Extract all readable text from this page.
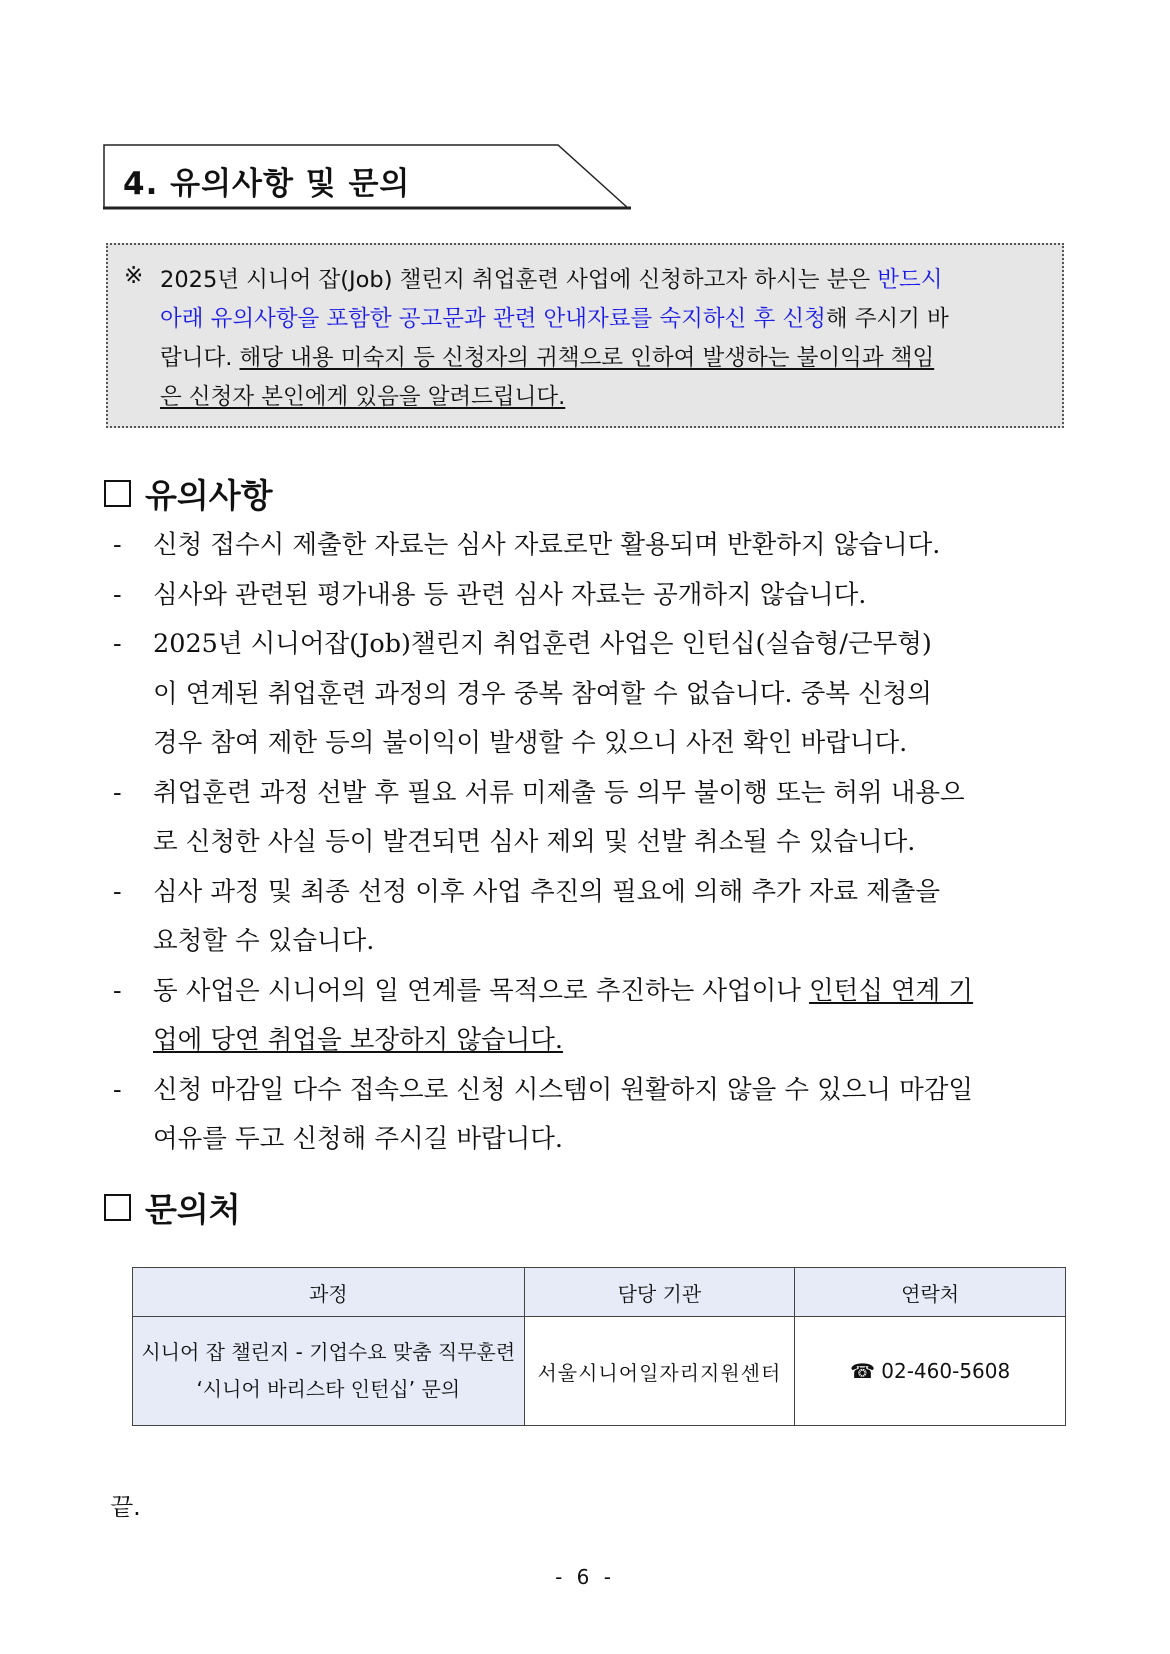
4. 유의사항 및 문의
※ 2025년 시니어 잡(Job) 챌린지 취업훈련 사업에 신청하고자 하시는 분은 반드시
아래 유의사항을 포함한 공고문과 관련 안내자료를 숙지하신 후 신청해 주시기 바
랍니다. 해당 내용 미숙지 등 신청자의 귀책으로 인하여 발생하는 불이익과 책임
은 신청자 본인에게 있음을 알려드립니다.
유의사항
- 신청 접수시 제출한 자료는 심사 자료로만 활용되며 반환하지 않습니다.
- 심사와 관련된 평가내용 등 관련 심사 자료는 공개하지 않습니다.
- 2025년 시니어잡(Job)챌린지 취업훈련 사업은 인턴십(실습형/근무형)
이 연계된 취업훈련 과정의 경우 중복 참여할 수 없습니다. 중복 신청의
경우 참여 제한 등의 불이익이 발생할 수 있으니 사전 확인 바랍니다.
- 취업훈련 과정 선발 후 필요 서류 미제출 등 의무 불이행 또는 허위 내용으
로 신청한 사실 등이 발견되면 심사 제외 및 선발 취소될 수 있습니다.
- 심사 과정 및 최종 선정 이후 사업 추진의 필요에 의해 추가 자료 제출을
요청할 수 있습니다.
- 동 사업은 시니어의 일 연계를 목적으로 추진하는 사업이나 인턴십 연계 기
업에 당연 취업을 보장하지 않습니다.
- 신청 마감일 다수 접속으로 신청 시스템이 원활하지 않을 수 있으니 마감일
여유를 두고 신청해 주시길 바랍니다.
문의처
과정	담당 기관	연락처

시니어 잡 챌린지 - 기업수요 맞춤 직무훈련
‘시니어 바리스타 인턴십’ 문의	서울시니어일자리지원센터	☎ 02-460-5608
끝.
- 6 -
